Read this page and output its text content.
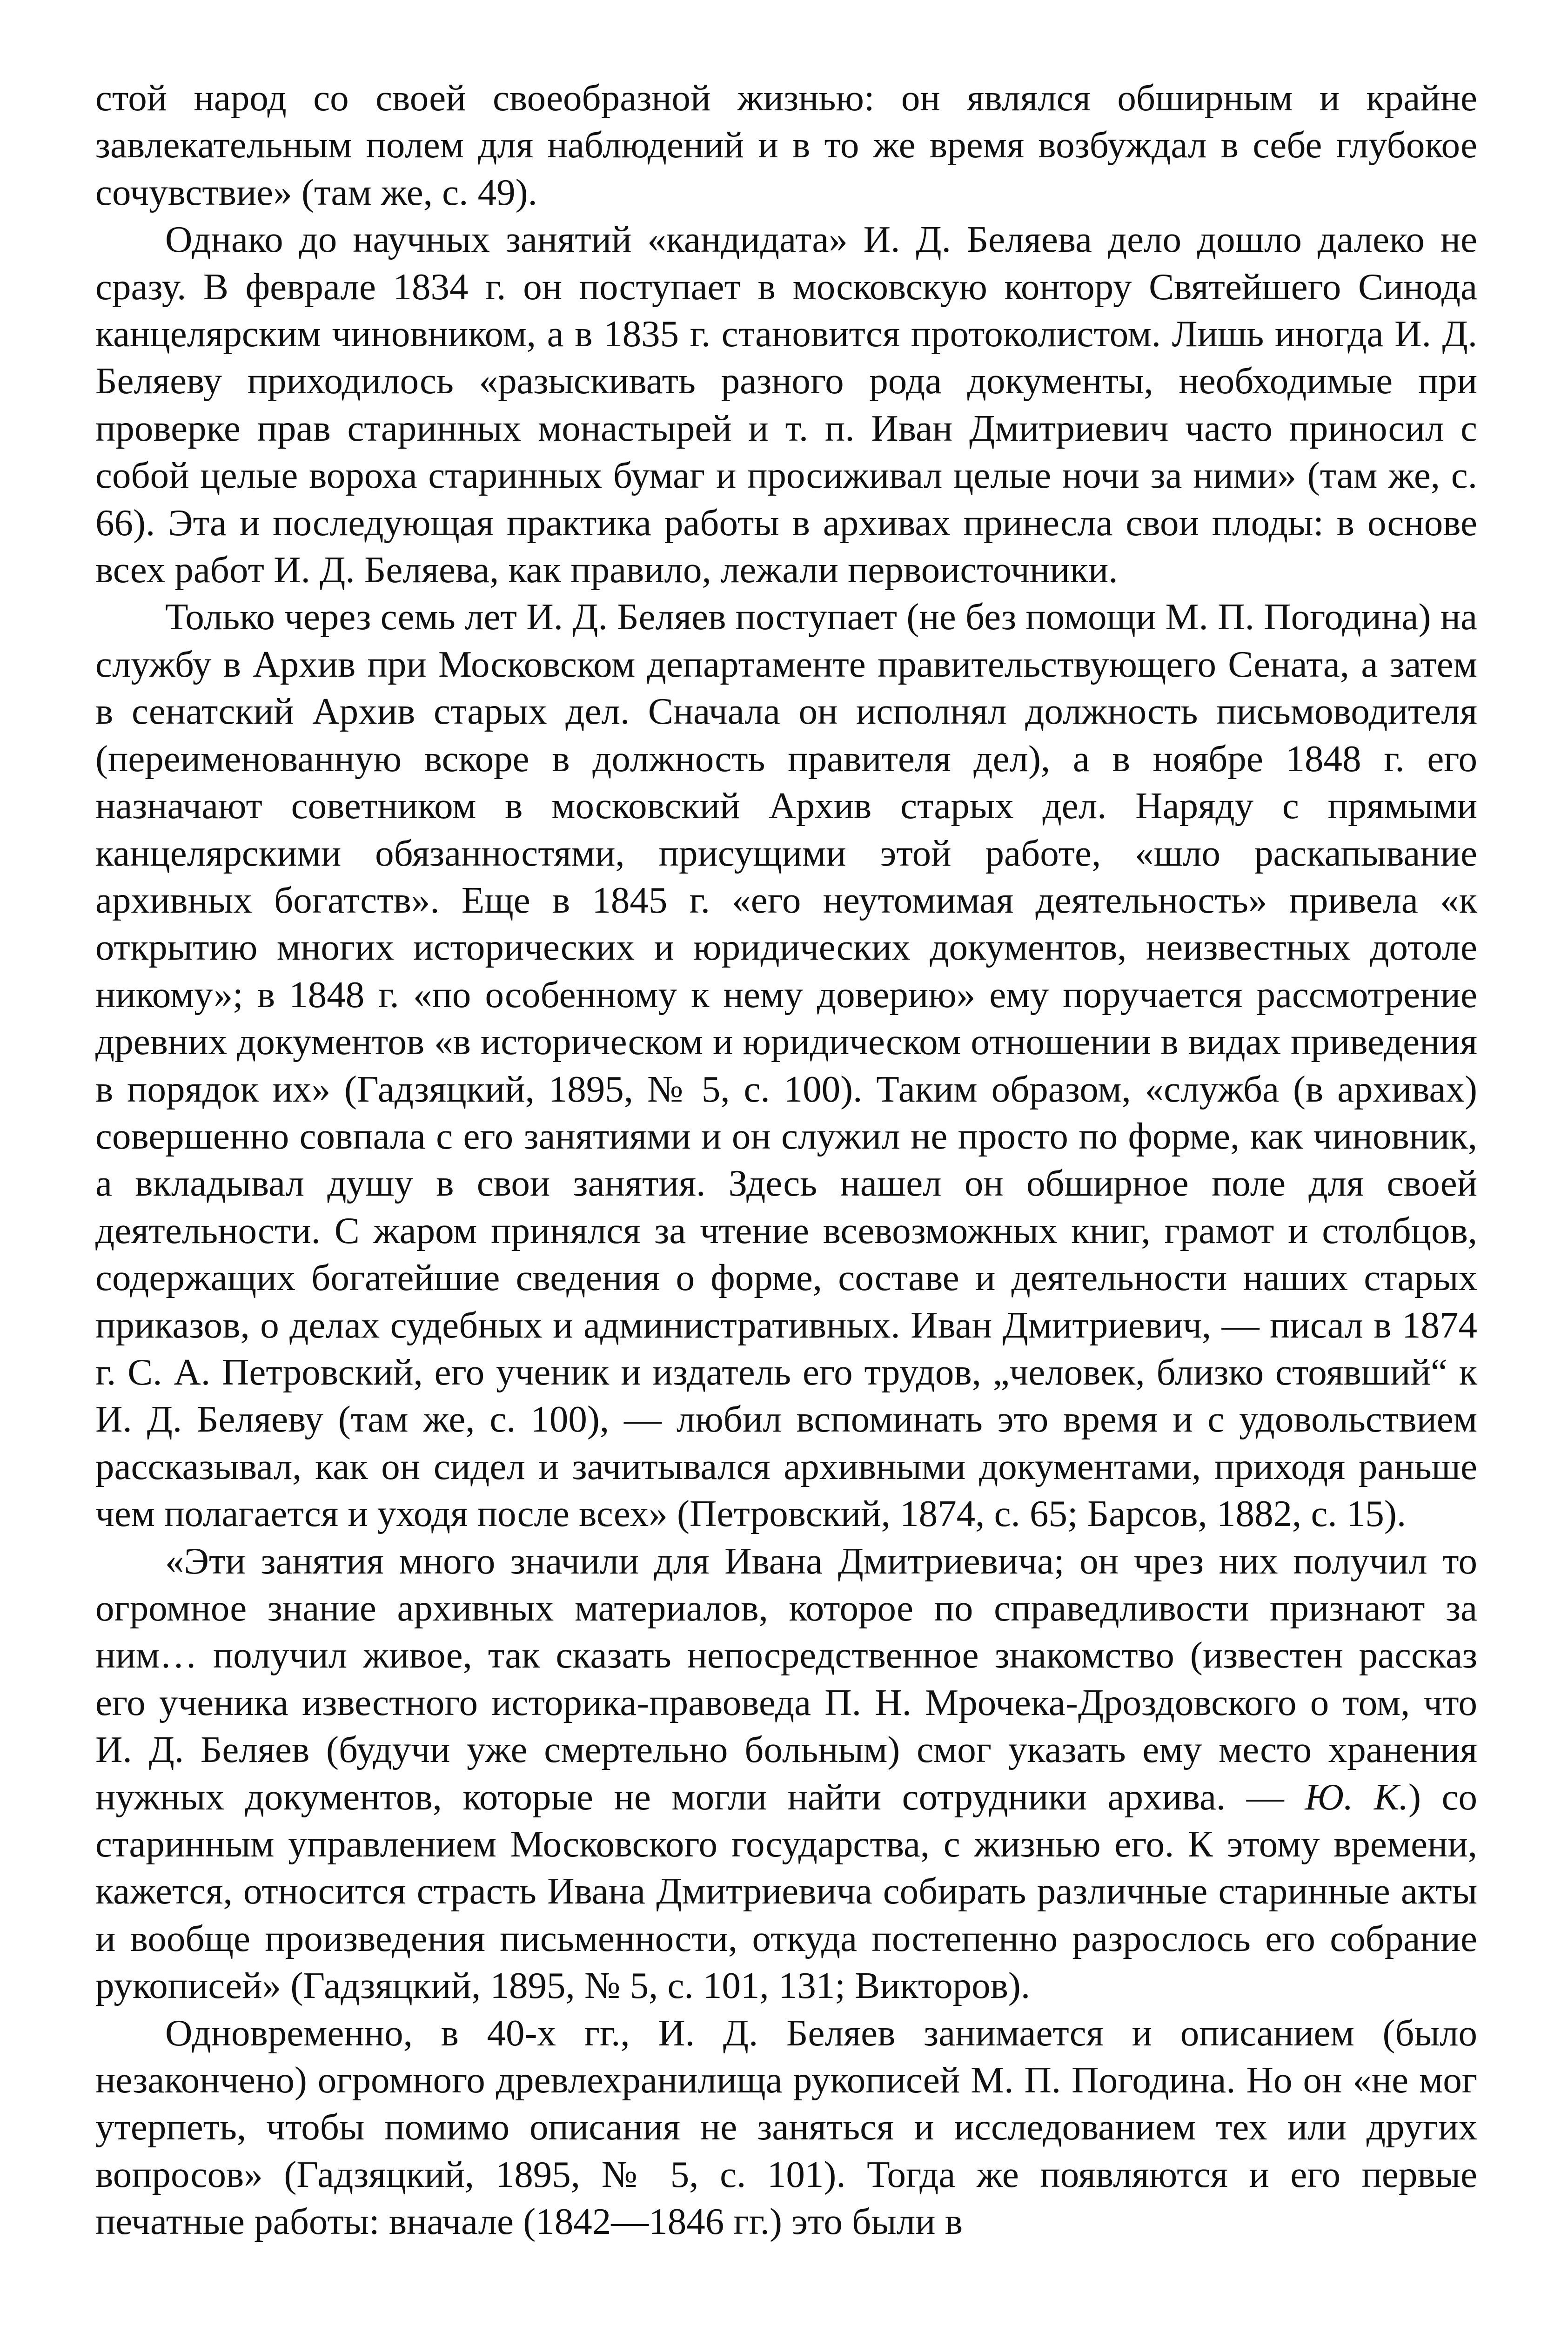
стой народ со своей своеобразной жизнью: он являлся обширным и крайне завлекательным полем для наблюдений и в то же время возбуждал в себе глубокое сочувствие» (там же, с. 49).

Однако до научных занятий «кандидата» И. Д. Беляева дело дошло далеко не сразу. В феврале 1834 г. он поступает в московскую контору Святейшего Синода канцелярским чиновником, а в 1835 г. становится протоколистом. Лишь иногда И. Д. Беляеву приходилось «разыскивать разного рода документы, необходимые при проверке прав старинных монастырей и т. п. Иван Дмитриевич часто приносил с собой целые вороха старинных бумаг и просиживал целые ночи за ними» (там же, с. 66). Эта и последующая практика работы в архивах принесла свои плоды: в основе всех работ И. Д. Беляева, как правило, лежали первоисточники.

Только через семь лет И. Д. Беляев поступает (не без помощи М. П. Погодина) на службу в Архив при Московском департаменте правительствующего Сената, а затем в сенатский Архив старых дел. Сначала он исполнял должность письмоводителя (переименованную вскоре в должность правителя дел), а в ноябре 1848 г. его назначают советником в московский Архив старых дел. Наряду с прямыми канцелярскими обязанностями, присущими этой работе, «шло раскапывание архивных богатств». Еще в 1845 г. «его неутомимая деятельность» привела «к открытию многих исторических и юридических документов, неизвестных дотоле никому»; в 1848 г. «по особенному к нему доверию» ему поручается рассмотрение древних документов «в историческом и юридическом отношении в видах приведения в порядок их» (Гадзяцкий, 1895, № 5, с. 100). Таким образом, «служба (в архивах) совершенно совпала с его занятиями и он служил не просто по форме, как чиновник, а вкладывал душу в свои занятия. Здесь нашел он обширное поле для своей деятельности. С жаром принялся за чтение всевозможных книг, грамот и столбцов, содержащих богатейшие сведения о форме, составе и деятельности наших старых приказов, о делах судебных и административных. Иван Дмитриевич, — писал в 1874 г. С. А. Петровский, его ученик и издатель его трудов, „человек, близко стоявший“ к И. Д. Беляеву (там же, с. 100), — любил вспоминать это время и с удовольствием рассказывал, как он сидел и зачитывался архивными документами, приходя раньше чем полагается и уходя после всех» (Петровский, 1874, с. 65; Барсов, 1882, с. 15).

«Эти занятия много значили для Ивана Дмитриевича; он чрез них получил то огромное знание архивных материалов, которое по справедливости признают за ним… получил живое, так сказать непосредственное знакомство (известен рассказ его ученика известного историка-правоведа П. Н. Мрочека-Дроздовского о том, что И. Д. Беляев (будучи уже смертельно больным) смог указать ему место хранения нужных документов, которые не могли найти сотрудники архива. — Ю. К.) со старинным управлением Московского государства, с жизнью его. К этому времени, кажется, относится страсть Ивана Дмитриевича собирать различные старинные акты и вообще произведения письменности, откуда постепенно разрослось его собрание рукописей» (Гадзяцкий, 1895, № 5, с. 101, 131; Викторов).

Одновременно, в 40-х гг., И. Д. Беляев занимается и описанием (было незакончено) огромного древлехранилища рукописей М. П. Погодина. Но он «не мог утерпеть, чтобы помимо описания не заняться и исследованием тех или других вопросов» (Гадзяцкий, 1895, № 5, с. 101). Тогда же появляются и его первые печатные работы: вначале (1842—1846 гг.) это были в
